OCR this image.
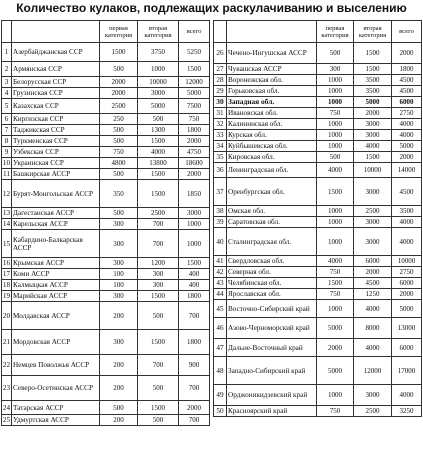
Количество кулаков, подлежащих раскулачиванию и выселению
		первая категория	вторая категория	всего
1	Азербайджанская ССР	1500	3750	5250
2	Армянская ССР	500	1000	1500
3	Белорусская ССР	2000	10000	12000
4	Грузинская ССР	2000	3000	5000
5	Казахская ССР	2500	5000	7500
6	Киргизская ССР	250	500	750
7	Таджикская ССР	500	1300	1800
8	Туркменская ССР	500	1500	2000
9	Узбекская ССР	750	4000	4750
10	Украинская ССР	4800	13800	18600
11	Башкирская АССР	500	1500	2000
12	Бурят-Монгольская АССР	350	1500	1850
13	Дагестанская АССР	500	2500	3000
14	Карельская АССР	300	700	1000
15	Кабардино-Балкарская АССР	300	700	1000
16	Крымская АССР	300	1200	1500
17	Коми АССР	100	300	400
18	Калмыцкая АССР	100	300	400
19	Марийская АССР	300	1500	1800
20	Молдавская АССР	200	500	700
21	Мордовская АССР	300	1500	1800
22	Немцев Поволжья АССР	200	700	900
23	Северо-Осетинская АССР	200	500	700
24	Татарская АССР	500	1500	2000
25	Удмуртская АССР	200	500	700
		первая категория	вторая категория	всего
26	Чечено-Ингушская АССР	500	1500	2000
27	Чувашская АССР	300	1500	1800
28	Воронежская обл.	1000	3500	4500
29	Горьковская обл.	1000	3500	4500
30	Западная обл.	1000	5000	6000
31	Ивановская обл.	750	2000	2750
32	Калининская обл.	1000	3000	4000
33	Курская обл.	1000	3000	4000
34	Куйбышевская обл.	1000	4000	5000
35	Кировская обл.	500	1500	2000
36	Ленинградская обл.	4000	10000	14000
37	Оренбургская обл.	1500	3000	4500
38	Омская обл.	1000	2500	3500
39	Саратовская обл.	1000	3000	4000
40	Сталинградская обл.	1000	3000	4000
41	Свердловская обл.	4000	6000	10000
42	Северная обл.	750	2000	2750
43	Челябинская обл.	1500	4500	6000
44	Ярославская обл.	750	1250	2000
45	Восточно-Сибирский край	1000	4000	5000
46	Азово-Черноморский край	5000	8000	13000
47	Дальне-Восточный край	2000	4000	6000
48	Западно-Сибирский край	5000	12000	17000
49	Орджоникидзевский край	1000	3000	4000
50	Красноярский край	750	2500	3250
